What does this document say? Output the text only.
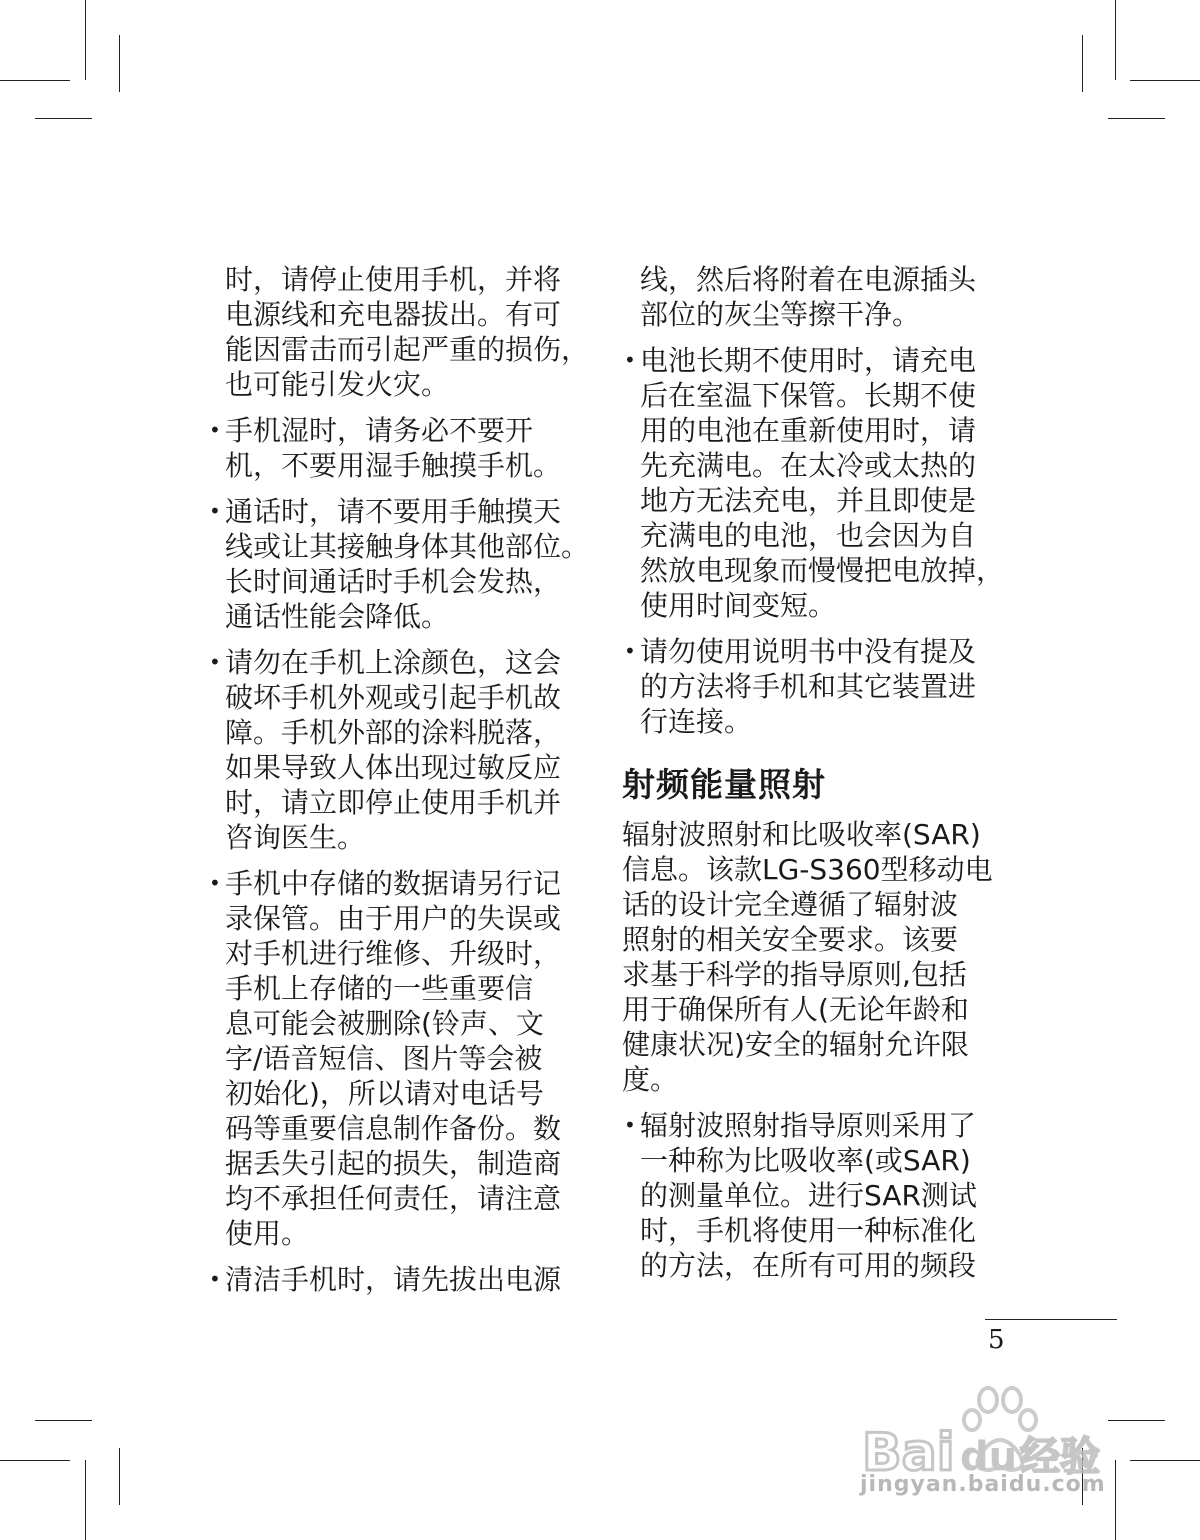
时，请停止使用手机，并将
电源线和充电器拔出。有可
能因雷击而引起严重的损伤，
也可能引发火灾。
• 手机湿时，请务必不要开
机，不要用湿手触摸手机。
• 通话时，请不要用手触摸天
线或让其接触身体其他部位。
长时间通话时手机会发热，
通话性能会降低。
• 请勿在手机上涂颜色，这会
破坏手机外观或引起手机故
障。手机外部的涂料脱落，
如果导致人体出现过敏反应
时，请立即停止使用手机并
咨询医生。
• 手机中存储的数据请另行记
录保管。由于用户的失误或
对手机进行维修、升级时，
手机上存储的一些重要信
息可能会被删除(铃声、文
字/语音短信、图片等会被
初始化)，所以请对电话号
码等重要信息制作备份。数
据丢失引起的损失，制造商
均不承担任何责任，请注意
使用。
• 清洁手机时，请先拔出电源
线，然后将附着在电源插头
部位的灰尘等擦干净。
• 电池长期不使用时，请充电
后在室温下保管。长期不使
用的电池在重新使用时，请
先充满电。在太冷或太热的
地方无法充电，并且即使是
充满电的电池，也会因为自
然放电现象而慢慢把电放掉，
使用时间变短。
• 请勿使用说明书中没有提及
的方法将手机和其它装置进
行连接。
射频能量照射
辐射波照射和比吸收率(SAR)
信息。该款LG-S360型移动电
话的设计完全遵循了辐射波
照射的相关安全要求。该要
求基于科学的指导原则,包括
用于确保所有人(无论年龄和
健康状况)安全的辐射允许限
度。
• 辐射波照射指导原则采用了
一种称为比吸收率(或SAR)
的测量单位。进行SAR测试
时，手机将使用一种标准化
的方法，在所有可用的频段
5
Bai du 经验
jingyan.baidu.com
